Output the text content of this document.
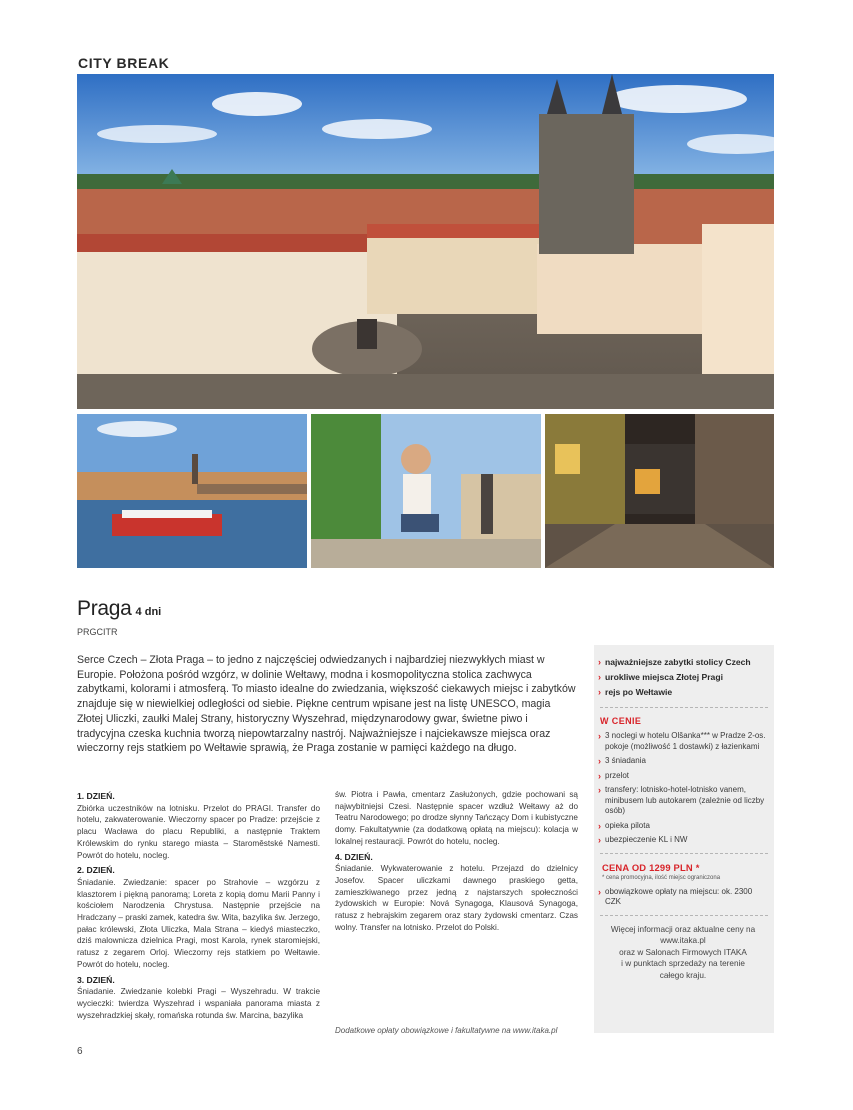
CITY BREAK
Praga 4 dni
PRGCITR
Serce Czech – Złota Praga – to jedno z najczęściej odwiedzanych i najbardziej niezwykłych miast w Europie. Położona pośród wzgórz, w dolinie Wełtawy, modna i kosmopolityczna stolica zachwyca zabytkami, kolorami i atmosferą. To miasto idealne do zwiedzania, większość ciekawych miejsc i zabytków znajduje się w niewielkiej odległości od siebie. Piękne centrum wpisane jest na listę UNESCO, magia Złotej Uliczki, zaułki Malej Strany, historyczny Wyszehrad, międzynarodowy gwar, świetne piwo i tradycyjna czeska kuchnia tworzą niepowtarzalny nastrój. Najważniejsze i najciekawsze miejsca oraz wieczorny rejs statkiem po Wełtawie sprawią, że Praga zostanie w pamięci każdego na długo.
1. DZIEŃ.

Zbiórka uczestników na lotnisku. Przelot do PRAGI. Transfer do hotelu, zakwaterowanie. Wieczorny spacer po Pradze: przejście z placu Wacława do placu Republiki, a następnie Traktem Królewskim do rynku starego miasta – Staroměstské Namesti. Powrót do hotelu, nocleg.

2. DZIEŃ.

Śniadanie. Zwiedzanie: spacer po Strahovie – wzgórzu z klasztorem i piękną panoramą; Loreta z kopią domu Marii Panny i kościołem Narodzenia Chrystusa. Następnie przejście na Hradczany – praski zamek, katedra św. Wita, bazylika św. Jerzego, pałac królewski, Złota Uliczka, Mala Strana – kiedyś miasteczko, dziś malownicza dzielnica Pragi, most Karola, rynek staromiejski, ratusz z zegarem Orloj. Wieczorny rejs statkiem po Wełtawie. Powrót do hotelu, nocleg.

3. DZIEŃ.

Śniadanie. Zwiedzanie kolebki Pragi – Wyszehradu. W trakcie wycieczki: twierdza Wyszehrad i wspaniała panorama miasta z wyszehradzkiej skały, romańska rotunda św. Marcina, bazylika

św. Piotra i Pawła, cmentarz Zasłużonych, gdzie pochowani są najwybitniejsi Czesi. Następnie spacer wzdłuż Wełtawy aż do Teatru Narodowego; po drodze słynny Tańczący Dom i kubistyczne domy. Fakultatywnie (za dodatkową opłatą na miejscu): kolacja w lokalnej restauracji. Powrót do hotelu, nocleg.

4. DZIEŃ.

Śniadanie. Wykwaterowanie z hotelu. Przejazd do dzielnicy Josefov. Spacer uliczkami dawnego praskiego getta, zamieszkiwanego przez jedną z najstarszych społeczności żydowskich w Europie: Nová Synagoga, Klausová Synagoga, ratusz z hebrajskim zegarem oraz stary żydowski cmentarz. Czas wolny. Transfer na lotnisko. Przelot do Polski.

Dodatkowe opłaty obowiązkowe i fakultatywne na www.itaka.pl
6
› najważniejsze zabytki stolicy Czech
› urokliwe miejsca Złotej Pragi
› rejs po Wełtawie
W CENIE
› 3 noclegi w hotelu Olšanka*** w Pradze 2-os. pokoje (możliwość 1 dostawki) z łazienkami
› 3 śniadania
› przelot
› transfery: lotnisko-hotel-lotnisko vanem, minibusem lub autokarem (zależnie od liczby osób)
› opieka pilota
› ubezpieczenie KL i NW
CENA OD 1299 PLN *
* cena promocyjna, ilość miejsc ograniczona
› obowiązkowe opłaty na miejscu: ok. 2300 CZK
Więcej informacji oraz aktualne ceny na
www.itaka.pl
oraz w Salonach Firmowych ITAKA
i w punktach sprzedaży na terenie
całego kraju.
